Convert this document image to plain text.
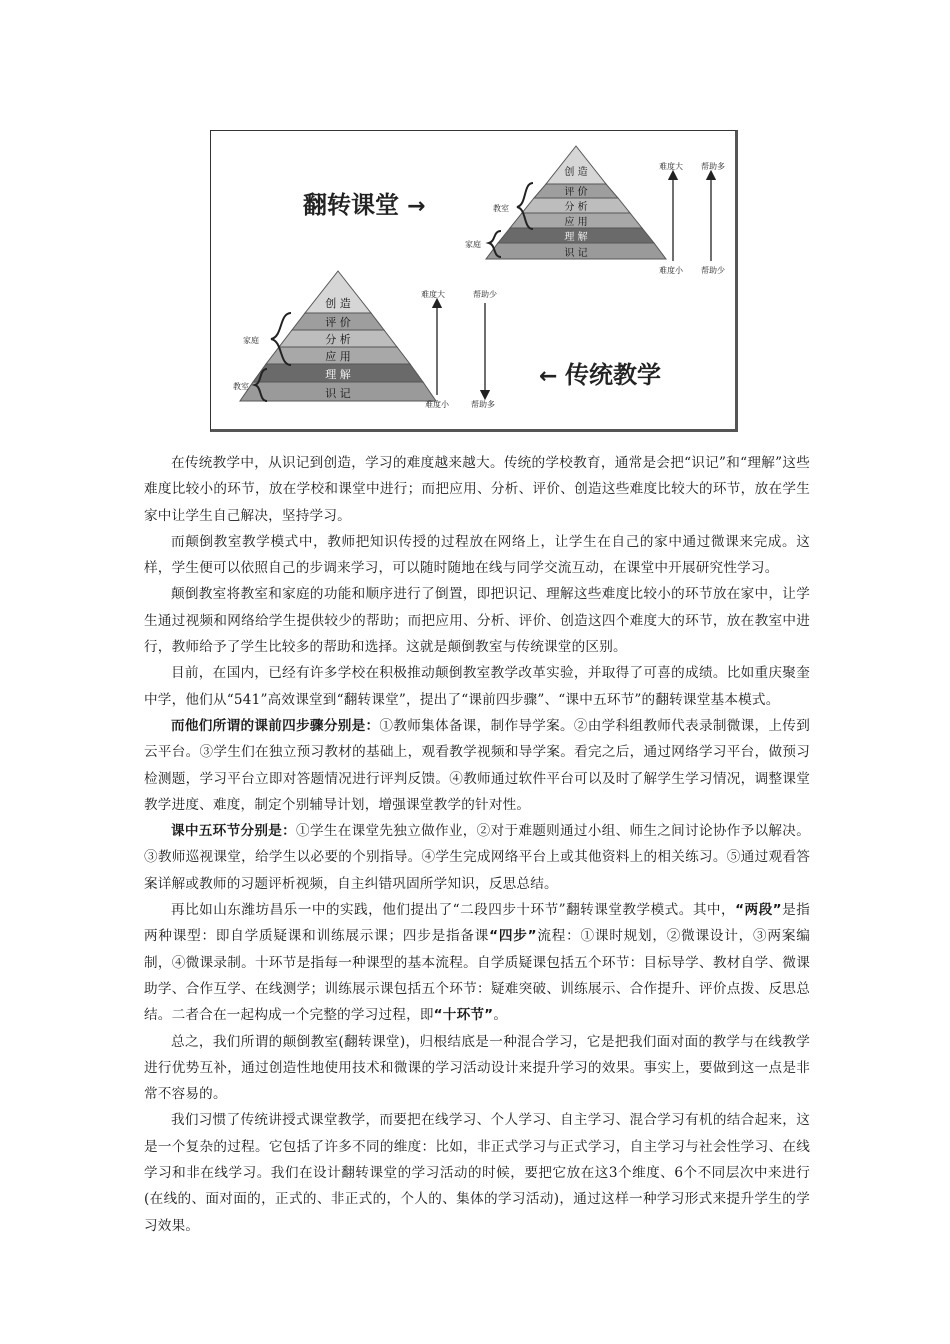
翻转课堂 →
创 造
评 价
分 析
应 用
理 解
识 记
教室
家庭
难度大
难度小
帮助多
帮助少
创 造
评 价
分 析
应 用
理 解
识 记
家庭
教室
难度大
难度小
帮助少
帮助多
← 传统教学

在传统教学中，从识记到创造，学习的难度越来越大。传统的学校教育，通常是会把“识记”和“理解”这些难度比较小的环节，放在学校和课堂中进行；而把应用、分析、评价、创造这些难度比较大的环节，放在学生家中让学生自己解决，坚持学习。

而颠倒教室教学模式中，教师把知识传授的过程放在网络上，让学生在自己的家中通过微课来完成。这样，学生便可以依照自己的步调来学习，可以随时随地在线与同学交流互动，在课堂中开展研究性学习。

颠倒教室将教室和家庭的功能和顺序进行了倒置，即把识记、理解这些难度比较小的环节放在家中，让学生通过视频和网络给学生提供较少的帮助；而把应用、分析、评价、创造这四个难度大的环节，放在教室中进行，教师给予了学生比较多的帮助和选择。这就是颠倒教室与传统课堂的区别。

目前，在国内，已经有许多学校在积极推动颠倒教室教学改革实验，并取得了可喜的成绩。比如重庆聚奎中学，他们从“541”高效课堂到“翻转课堂”，提出了“课前四步骤”、“课中五环节”的翻转课堂基本模式。

而他们所谓的课前四步骤分别是：①教师集体备课，制作导学案。②由学科组教师代表录制微课，上传到云平台。③学生们在独立预习教材的基础上，观看教学视频和导学案。看完之后，通过网络学习平台，做预习检测题，学习平台立即对答题情况进行评判反馈。④教师通过软件平台可以及时了解学生学习情况，调整课堂教学进度、难度，制定个别辅导计划，增强课堂教学的针对性。

课中五环节分别是：①学生在课堂先独立做作业，②对于难题则通过小组、师生之间讨论协作予以解决。③教师巡视课堂，给学生以必要的个别指导。④学生完成网络平台上或其他资料上的相关练习。⑤通过观看答案详解或教师的习题评析视频，自主纠错巩固所学知识，反思总结。

再比如山东潍坊昌乐一中的实践，他们提出了“二段四步十环节”翻转课堂教学模式。其中，“两段”是指两种课型：即自学质疑课和训练展示课；四步是指备课“四步”流程：①课时规划，②微课设计，③两案编制，④微课录制。十环节是指每一种课型的基本流程。自学质疑课包括五个环节：目标导学、教材自学、微课助学、合作互学、在线测学；训练展示课包括五个环节：疑难突破、训练展示、合作提升、评价点拨、反思总结。二者合在一起构成一个完整的学习过程，即“十环节”。

总之，我们所谓的颠倒教室(翻转课堂)，归根结底是一种混合学习，它是把我们面对面的教学与在线教学进行优势互补，通过创造性地使用技术和微课的学习活动设计来提升学习的效果。事实上，要做到这一点是非常不容易的。

我们习惯了传统讲授式课堂教学，而要把在线学习、个人学习、自主学习、混合学习有机的结合起来，这是一个复杂的过程。它包括了许多不同的维度：比如，非正式学习与正式学习，自主学习与社会性学习、在线学习和非在线学习。我们在设计翻转课堂的学习活动的时候，要把它放在这3个维度、6个不同层次中来进行(在线的、面对面的，正式的、非正式的，个人的、集体的学习活动)，通过这样一种学习形式来提升学生的学习效果。
